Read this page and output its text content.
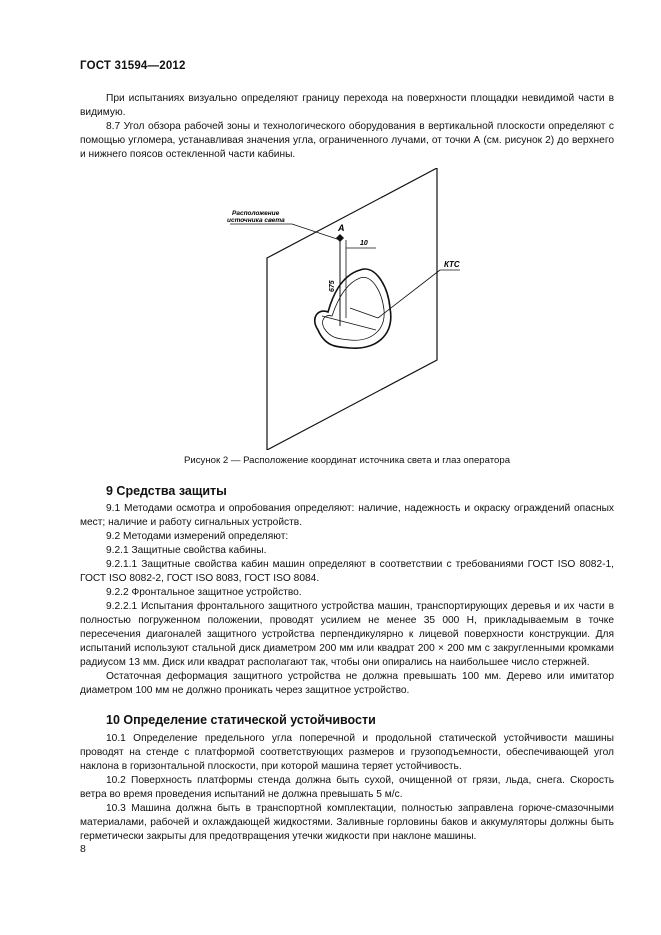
ГОСТ 31594—2012

При испытаниях визуально определяют границу перехода на поверхности площадки невидимой части в видимую.

8.7 Угол обзора рабочей зоны и технологического оборудования в вертикальной плоскости определяют с помощью угломера, устанавливая значения угла, ограниченного лучами, от точки А (см. рисунок 2) до верхнего и нижнего поясов остекленной части кабины.

Расположение
источника света
А
10
675
КТС
Рисунок 2 — Расположение координат источника света и глаз оператора
9 Средства защиты

9.1 Методами осмотра и опробования определяют: наличие, надежность и окраску ограждений опасных мест; наличие и работу сигнальных устройств.

9.2 Методами измерений определяют:

9.2.1 Защитные свойства кабины.

9.2.1.1 Защитные свойства кабин машин определяют в соответствии с требованиями ГОСТ ISO 8082-1, ГОСТ ISO 8082-2, ГОСТ ISO 8083, ГОСТ ISO 8084.

9.2.2 Фронтальное защитное устройство.

9.2.2.1 Испытания фронтального защитного устройства машин, транспортирующих деревья и их части в полностью погруженном положении, проводят усилием не менее 35 000 Н, прикладываемым в точке пересечения диагоналей защитного устройства перпендикулярно к лицевой поверхности конструкции. Для испытаний используют стальной диск диаметром 200 мм или квадрат 200 × 200 мм с закругленными кромками радиусом 13 мм. Диск или квадрат располагают так, чтобы они опирались на наибольшее число стержней.

Остаточная деформация защитного устройства не должна превышать 100 мм. Дерево или имитатор диаметром 100 мм не должно проникать через защитное устройство.

10 Определение статической устойчивости

10.1 Определение предельного угла поперечной и продольной статической устойчивости машины проводят на стенде с платформой соответствующих размеров и грузоподъемности, обеспечивающей угол наклона в горизонтальной плоскости, при которой машина теряет устойчивость.

10.2 Поверхность платформы стенда должна быть сухой, очищенной от грязи, льда, снега. Скорость ветра во время проведения испытаний не должна превышать 5 м/с.

10.3 Машина должна быть в транспортной комплектации, полностью заправлена горюче-смазочными материалами, рабочей и охлаждающей жидкостями. Заливные горловины баков и аккумуляторы должны быть герметически закрыты для предотвращения утечки жидкости при наклоне машины.

8
